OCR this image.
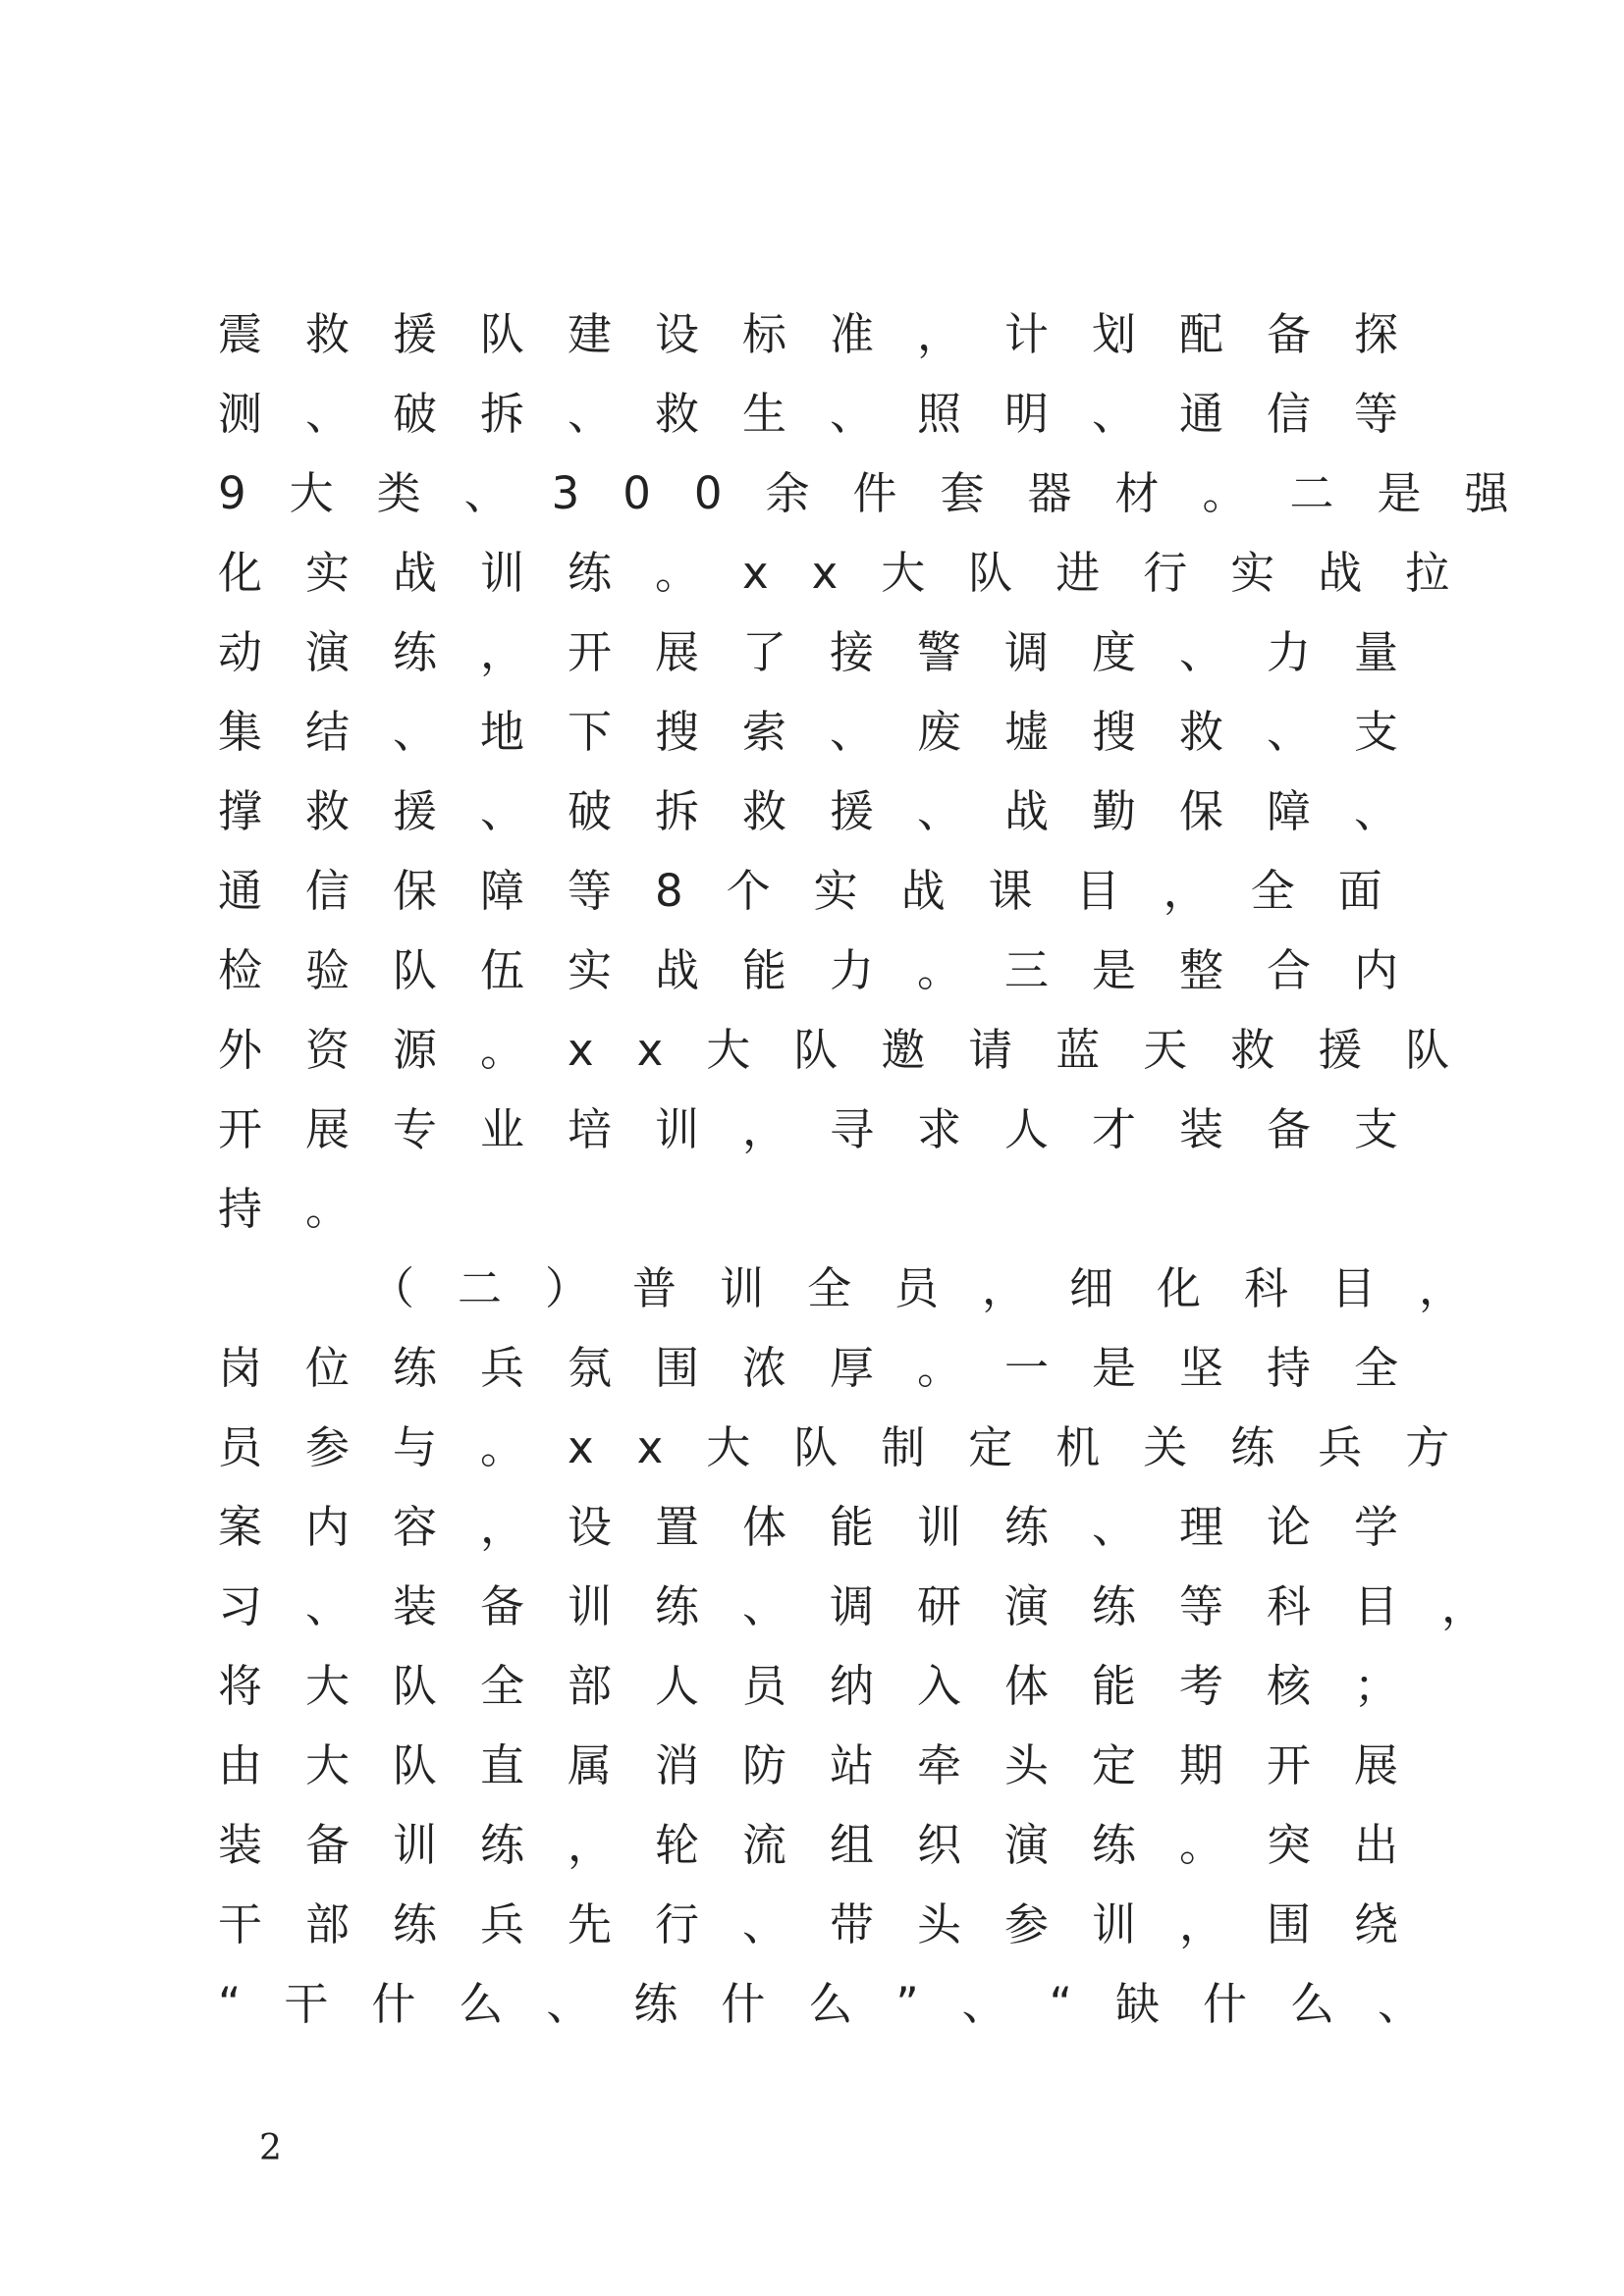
震救援队建设标准，计划配备探
测、破拆、救生、照明、通信等
9大类、300余件套器材。二是强
化实战训练。xx大队进行实战拉
动演练，开展了接警调度、力量
集结、地下搜索、废墟搜救、支
撑救援、破拆救援、战勤保障、
通信保障等8个实战课目，全面
检验队伍实战能力。三是整合内
外资源。xx大队邀请蓝天救援队
开展专业培训，寻求人才装备支
持。
（二）普训全员，细化科目，
岗位练兵氛围浓厚。一是坚持全
员参与。xx大队制定机关练兵方
案内容，设置体能训练、理论学
习、装备训练、调研演练等科目，
将大队全部人员纳入体能考核；
由大队直属消防站牵头定期开展
装备训练，轮流组织演练。突出
干部练兵先行、带头参训，围绕
“干什么、练什么”、“缺什么、
2
